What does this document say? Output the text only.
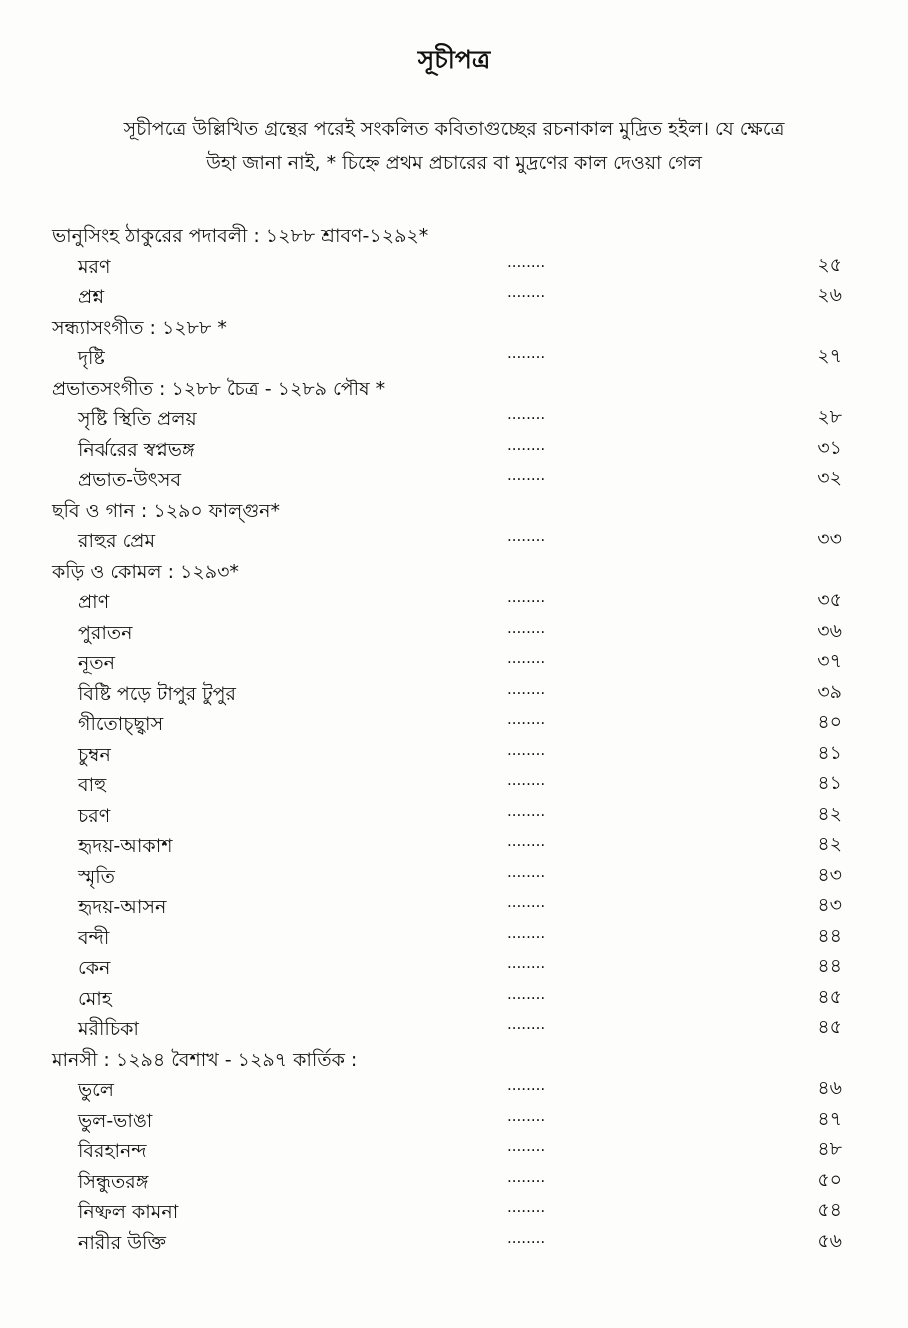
সূচীপত্র
সূচীপত্রে উল্লিখিত গ্রন্থের পরেই সংকলিত কবিতাগুচ্ছের রচনাকাল মুদ্রিত হইল। যে ক্ষেত্রে
উহা জানা নাই, * চিহ্নে প্রথম প্রচারের বা মুদ্রণের কাল দেওয়া গেল
ভানুসিংহ ঠাকুরের পদাবলী : ১২৮৮ শ্রাবণ-১২৯২*
মরণ	........	২৫
প্রশ্ন	........	২৬
সন্ধ্যাসংগীত : ১২৮৮ *
দৃষ্টি	........	২৭
প্রভাতসংগীত : ১২৮৮ চৈত্র - ১২৮৯ পৌষ *
সৃষ্টি স্থিতি প্রলয়	........	২৮
নির্ঝরের স্বপ্নভঙ্গ	........	৩১
প্রভাত-উৎসব	........	৩২
ছবি ও গান : ১২৯০ ফাল্গুন*
রাহুর প্রেম	........	৩৩
কড়ি ও কোমল : ১২৯৩*
প্রাণ	........	৩৫
পুরাতন	........	৩৬
নূতন	........	৩৭
বিষ্টি পড়ে টাপুর টুপুর	........	৩৯
গীতোচ্ছ্বাস	........	৪০
চুম্বন	........	৪১
বাহু	........	৪১
চরণ	........	৪২
হৃদয়-আকাশ	........	৪২
স্মৃতি	........	৪৩
হৃদয়-আসন	........	৪৩
বন্দী	........	৪৪
কেন	........	৪৪
মোহ	........	৪৫
মরীচিকা	........	৪৫
মানসী : ১২৯৪ বৈশাখ - ১২৯৭ কার্তিক :
ভুলে	........	৪৬
ভুল-ভাঙা	........	৪৭
বিরহানন্দ	........	৪৮
সিন্ধুতরঙ্গ	........	৫০
নিষ্ফল কামনা	........	৫৪
নারীর উক্তি	........	৫৬
